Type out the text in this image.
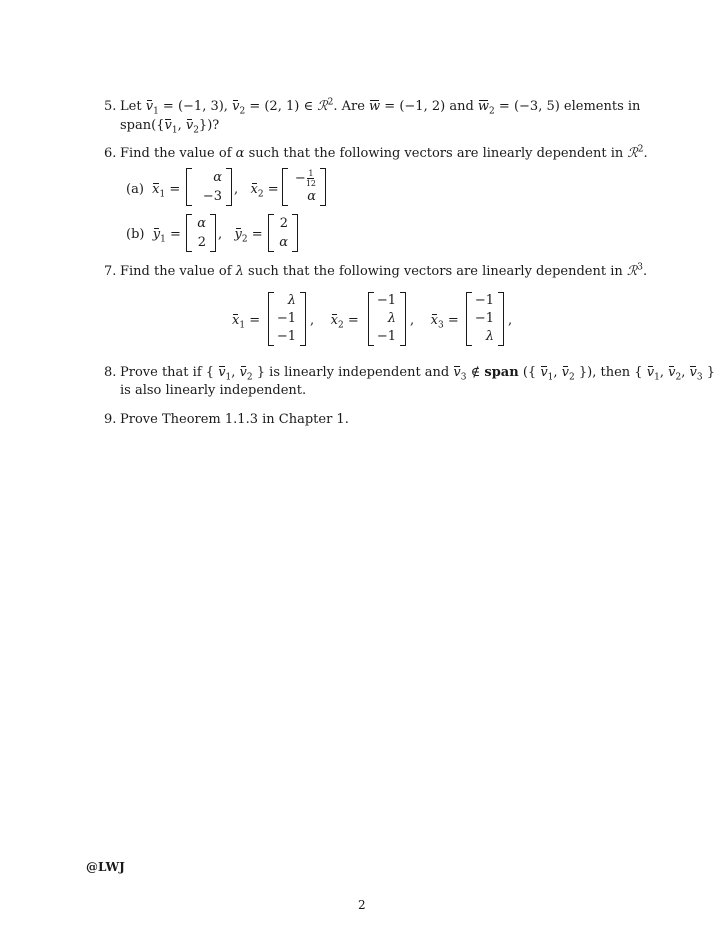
5. Let $v_1 = (-1$, 3), $v_2 = (2$, 1) ∈ ℛ$^2$. Are w = (−1, 2) and $w_2 = (-3$, 5) elements in
$span(\{v_1$, $v_2$})?
6. Find the value of α such that the following vectors are linearly dependent in ℛ$^2$.
(a) $x_1$ =
α
−3 ,   $x_2$ =
− $\frac{1}{12}$
α
(b) $y_1$ =
α
2 ,   $y_2$ =
2
α
7. Find the value of λ such that the following vectors are linearly dependent in ℛ$^3$.
$x_1$ =
λ
−1
−1
,    $x_2$ =
−1
λ
−1
,    $x_3$ =
−1
−1
λ
,
8. Prove that if { $v_1$, $v_2$ } is linearly independent and $v_3$ ∉ span ({ $v_1$, $v_2$ }), then { $v_1$, $v_2$, $v_3$ }
is also linearly independent.
9. Prove Theorem 1.1.3 in Chapter 1.
@LWJ
2
